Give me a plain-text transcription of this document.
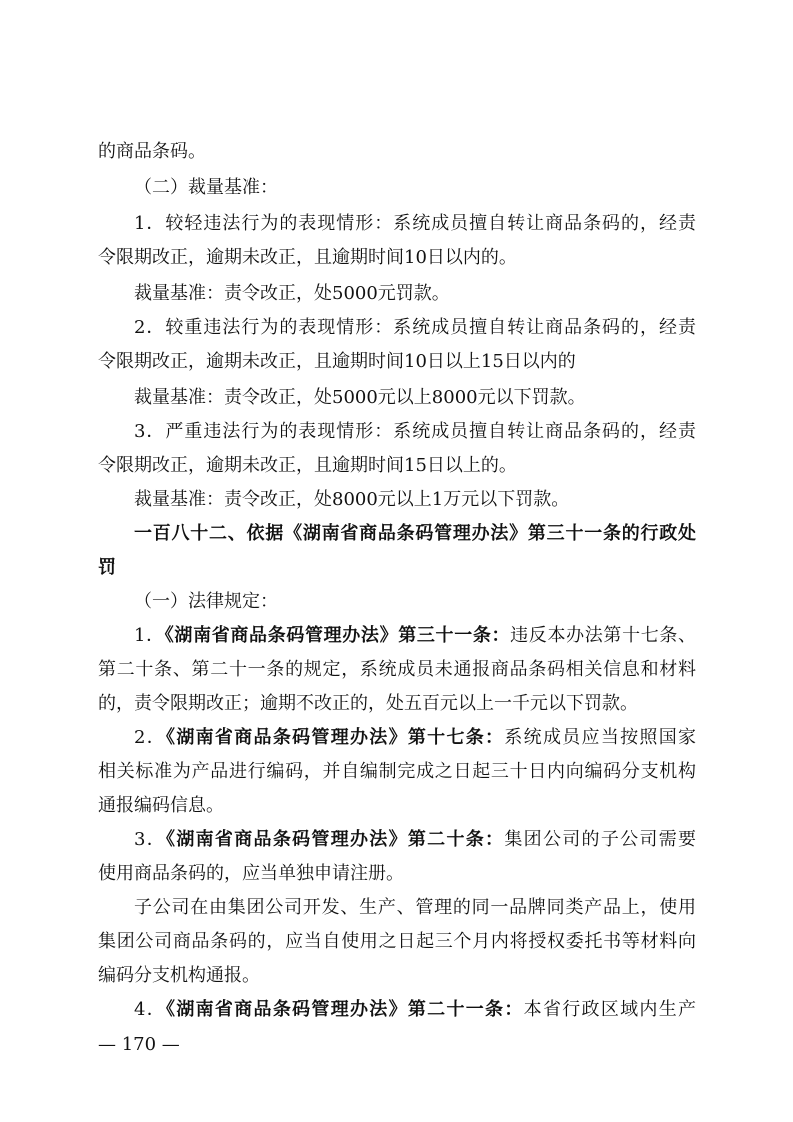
的商品条码。
（二）裁量基准：
1．较轻违法行为的表现情形：系统成员擅自转让商品条码的，经责
令限期改正，逾期未改正，且逾期时间10日以内的。
裁量基准：责令改正，处5000元罚款。
2．较重违法行为的表现情形：系统成员擅自转让商品条码的，经责
令限期改正，逾期未改正，且逾期时间10日以上15日以内的
裁量基准：责令改正，处5000元以上8000元以下罚款。
3．严重违法行为的表现情形：系统成员擅自转让商品条码的，经责
令限期改正，逾期未改正，且逾期时间15日以上的。
裁量基准：责令改正，处8000元以上1万元以下罚款。
一百八十二、依据《湖南省商品条码管理办法》第三十一条的行政处
罚
（一）法律规定：
1．《湖南省商品条码管理办法》第三十一条：违反本办法第十七条、
第二十条、第二十一条的规定，系统成员未通报商品条码相关信息和材料
的，责令限期改正；逾期不改正的，处五百元以上一千元以下罚款。
2．《湖南省商品条码管理办法》第十七条：系统成员应当按照国家
相关标准为产品进行编码，并自编制完成之日起三十日内向编码分支机构
通报编码信息。
3．《湖南省商品条码管理办法》第二十条：集团公司的子公司需要
使用商品条码的，应当单独申请注册。
子公司在由集团公司开发、生产、管理的同一品牌同类产品上，使用
集团公司商品条码的，应当自使用之日起三个月内将授权委托书等材料向
编码分支机构通报。
4．《湖南省商品条码管理办法》第二十一条：本省行政区域内生产
— 170 —
